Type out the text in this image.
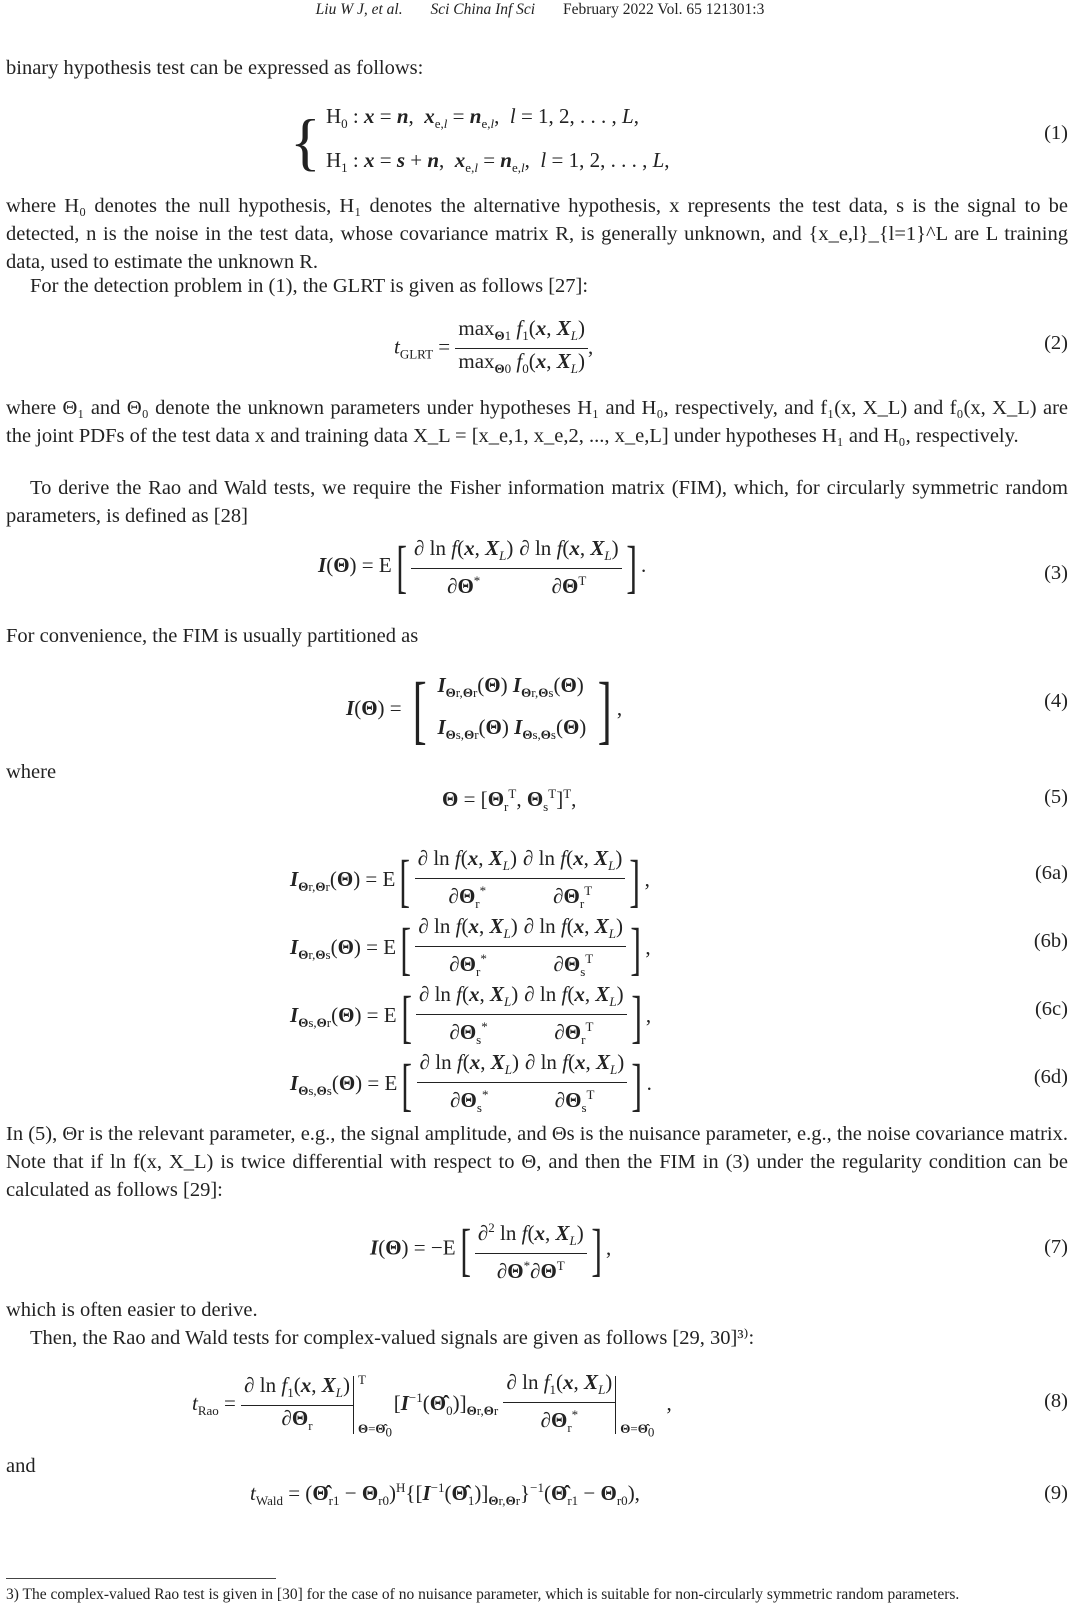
Liu W J, et al. Sci China Inf Sci February 2022 Vol. 65 121301:3
binary hypothesis test can be expressed as follows:
{ $H_0$ : x = n,  $x_{e,l} = n_{e,l}$,  l = 1, 2, . . . , L,
$H_1$ : x = s + n,  $x_{e,l} = n_{e,l}$,  l = 1, 2, . . . , L,
(1)
where H₀ denotes the null hypothesis, H₁ denotes the alternative hypothesis, x represents the test data, s is the signal to be detected, n is the noise in the test data, whose covariance matrix R, is generally unknown, and {x_e,l}_{l=1}^L are L training data, used to estimate the unknown R.
For the detection problem in (1), the GLRT is given as follows [27]:
$t_{GLRT} = \frac{\max_{\Theta 1} f_1(x, X_L)}{\max_{\Theta 0} f_0(x, X_L)}$ ,	(2)
where Θ₁ and Θ₀ denote the unknown parameters under hypotheses H₁ and H₀, respectively, and f₁(x, X_L) and f₀(x, X_L) are the joint PDFs of the test data x and training data X_L = [x_e,1, x_e,2, ..., x_e,L] under hypotheses H₁ and H₀, respectively.
To derive the Rao and Wald tests, we require the Fisher information matrix (FIM), which, for circularly symmetric random parameters, is defined as [28]
$I(\Theta) = E[ \frac{\partial \ln f(x, X_L)}{\partial\Theta^*} \frac{\partial \ln f(x, X_L)}{\partial\Theta^T}$ ] .	(3)
For convenience, the FIM is usually partitioned as
I(Θ) = [ $I_{\Theta r,\Theta r}(\Theta)$ $I_{\Theta r,\Theta s}(\Theta)$
$I_{\Theta s,\Theta r}(\Theta)$ $I_{\Theta s,\Theta s}(\Theta)$ ] ,	(4)
where
$\Theta = [\Theta_r^T$, $\Theta_s^T]^T$,	(5)
$I_{\Theta r,\Theta r}(\Theta) = E[ \frac{\partial \ln f(x, X_L)}{\partial\Theta_r^*} \frac{\partial \ln f(x, X_L)}{\partial\Theta_r^T}$ ] ,	(6a)
$I_{\Theta r,\Theta s}(\Theta) = E[ \frac{\partial \ln f(x, X_L)}{\partial\Theta_r^*} \frac{\partial \ln f(x, X_L)}{\partial\Theta_s^T}$ ] ,	(6b)
$I_{\Theta s,\Theta r}(\Theta) = E[ \frac{\partial \ln f(x, X_L)}{\partial\Theta_s^*} \frac{\partial \ln f(x, X_L)}{\partial\Theta_r^T}$ ] ,	(6c)
$I_{\Theta s,\Theta s}(\Theta) = E[ \frac{\partial \ln f(x, X_L)}{\partial\Theta_s^*} \frac{\partial \ln f(x, X_L)}{\partial\Theta_s^T}$ ] .	(6d)
In (5), Θr is the relevant parameter, e.g., the signal amplitude, and Θs is the nuisance parameter, e.g., the noise covariance matrix. Note that if ln f(x, X_L) is twice differential with respect to Θ, and then the FIM in (3) under the regularity condition can be calculated as follows [29]:
$I(\Theta) = -E[ \frac{\partial^2 \ln f(x, X_L)}{\partial\Theta^*\partial\Theta^T}$ ] ,	(7)
which is often easier to derive.
Then, the Rao and Wald tests for complex-valued signals are given as follows [29, 30]³⁾:
$t_{Rao} = \frac{\partial \ln f_1(x, X_L)}{\partial\Theta_r}$ T
$\Theta=\Thetâ_0$
$[I^{-1}(\Thetâ_0)]_{\Theta r,\Theta r} \frac{\partial \ln f_1(x, X_L)}{\partial\Theta_r^*}$ $\Theta=\Thetâ_0$
,	(8)
and
$t_{Wald}$ = ($\Thetâ_{r1}$ − $\Theta_{r0})^H\{[I^{-1}(\Thetâ_1)]_{\Theta r,\Theta r}\}^{-1}(\Thetâ_{r1} - \Theta_{r0})$,	(9)
3) The complex-valued Rao test is given in [30] for the case of no nuisance parameter, which is suitable for non-circularly symmetric random parameters.
